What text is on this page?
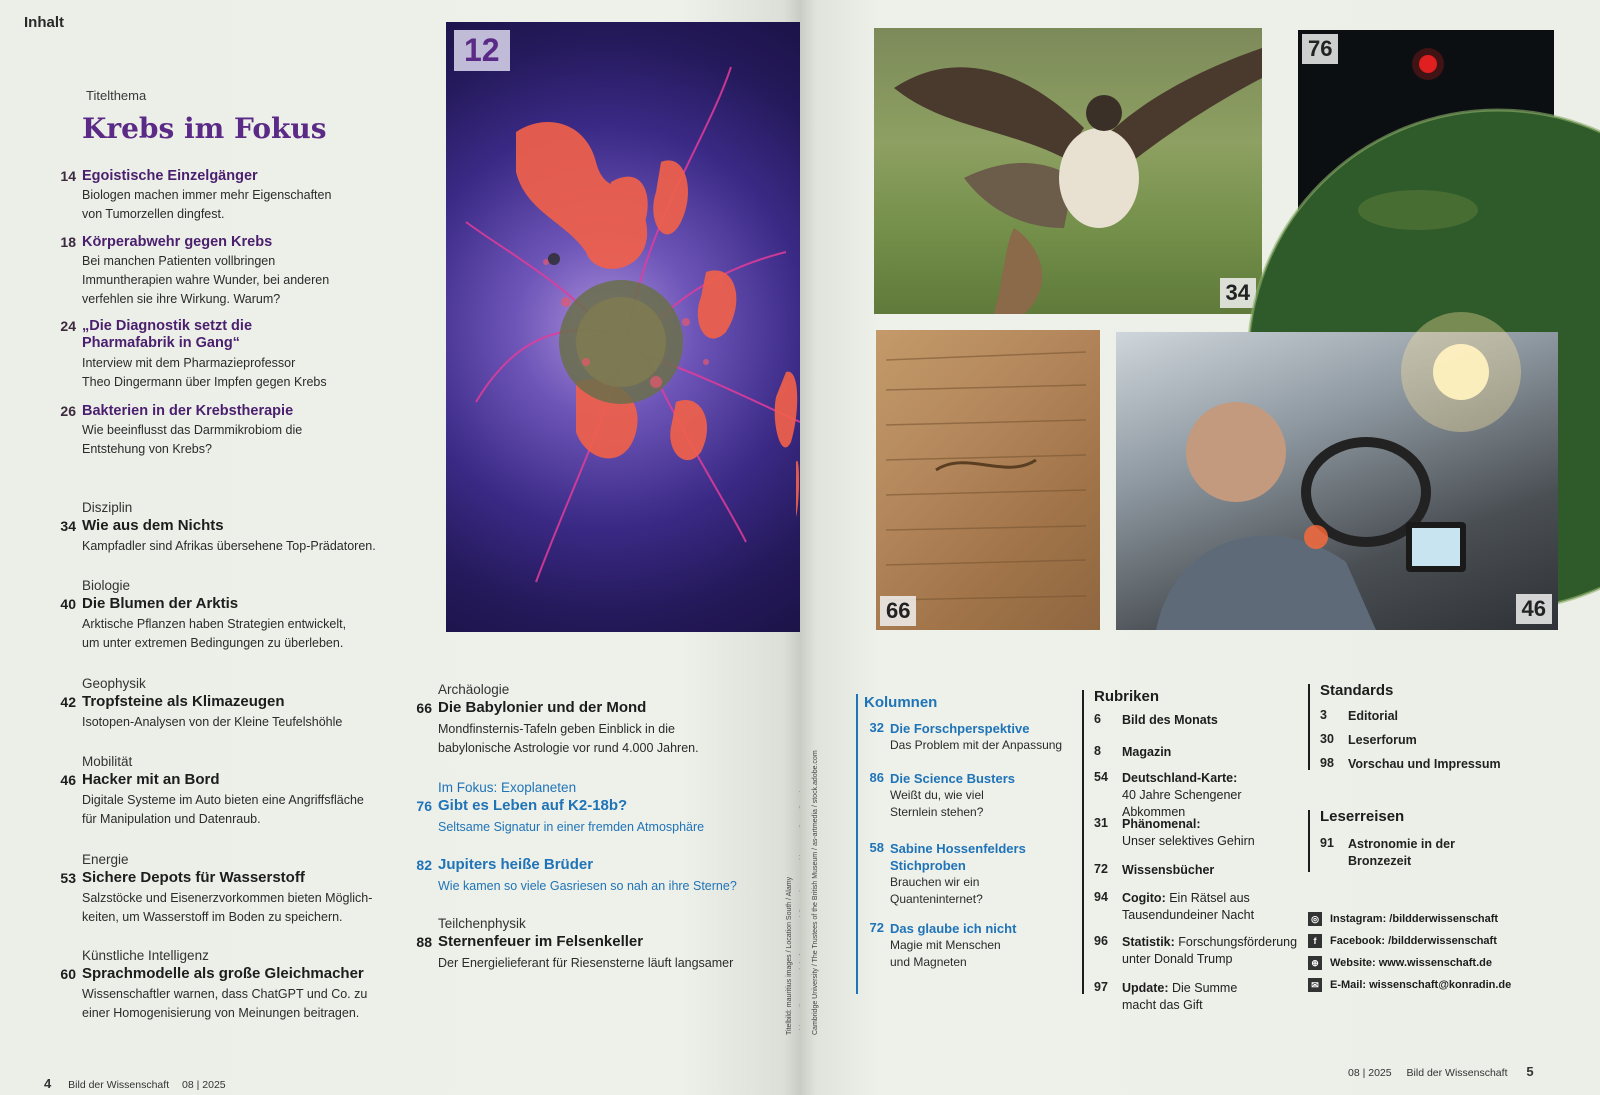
Inhalt
Titelthema
Krebs im Fokus
14 Egoistische Einzelgänger
Biologen machen immer mehr Eigenschaften
von Tumorzellen dingfest.
18 Körperabwehr gegen Krebs
Bei manchen Patienten vollbringen
Immuntherapien wahre Wunder, bei anderen
verfehlen sie ihre Wirkung. Warum?
24 „Die Diagnostik setzt die
Pharmafabrik in Gang“
Interview mit dem Pharmazieprofessor
Theo Dingermann über Impfen gegen Krebs
26 Bakterien in der Krebstherapie
Wie beeinflusst das Darmmikrobiom die
Entstehung von Krebs?
Disziplin
34 Wie aus dem Nichts
Kampfadler sind Afrikas übersehene Top-Prädatoren.
Biologie
40 Die Blumen der Arktis
Arktische Pflanzen haben Strategien entwickelt,
um unter extremen Bedingungen zu überleben.
Geophysik
42 Tropfsteine als Klimazeugen
Isotopen-Analysen von der Kleine Teufelshöhle
Mobilität
46 Hacker mit an Bord
Digitale Systeme im Auto bieten eine Angriffsfläche
für Manipulation und Datenraub.
Energie
53 Sichere Depots für Wasserstoff
Salzstöcke und Eisenerzvorkommen bieten Möglich-
keiten, um Wasserstoff im Boden zu speichern.
Künstliche Intelligenz
60 Sprachmodelle als große Gleichmacher
Wissenschaftler warnen, dass ChatGPT und Co. zu
einer Homogenisierung von Meinungen beitragen.
12
Archäologie
66 Die Babylonier und der Mond
Mondfinsternis-Tafeln geben Einblick in die
babylonische Astrologie vor rund 4.000 Jahren.
Im Fokus: Exoplaneten
76 Gibt es Leben auf K2-18b?
Seltsame Signatur in einer fremden Atmosphäre
82 Jupiters heiße Brüder
Wie kamen so viele Gasriesen so nah an ihre Sterne?
Teilchenphysik
88 Sternenfeuer im Felsenkeller
Der Energielieferant für Riesensterne läuft langsamer	Titelbild: mauritius images / Location South / Alamy
4 Bild der Wissenschaft 08 | 2025
Cambridge University / The Trustees of the British Museum / as-artmedia / stock.adobe.com
34
76
66	46
Kolumnen
32 Die Forschperspektive
Das Problem mit der Anpassung
86 Die Science Busters
Weißt du, wie viel
Sternlein stehen?
58 Sabine Hossenfelders
Stichproben
Brauchen wir ein
Quanteninternet?
72 Das glaube ich nicht
Magie mit Menschen
und Magneten
Rubriken
6	Bild des Monats
8	Magazin
54	Deutschland-Karte:
40 Jahre Schengener Abkommen
31	Phänomenal:
Unser selektives Gehirn
72	Wissensbücher
94	Cogito: Ein Rätsel aus
Tausendundeiner Nacht
96	Statistik: Forschungsförderung
unter Donald Trump
97	Update: Die Summe
macht das Gift
Standards
3	Editorial
30	Leserforum
98	Vorschau und Impressum
Leserreisen
91	Astronomie in der
Bronzezeit
◎ Instagram: /bildderwissenschaft
f Facebook: /bildderwissenschaft
⊕ Website: www.wissenschaft.de
✉ E-Mail: wissenschaft@konradin.de
08 | 2025 Bild der Wissenschaft 5
